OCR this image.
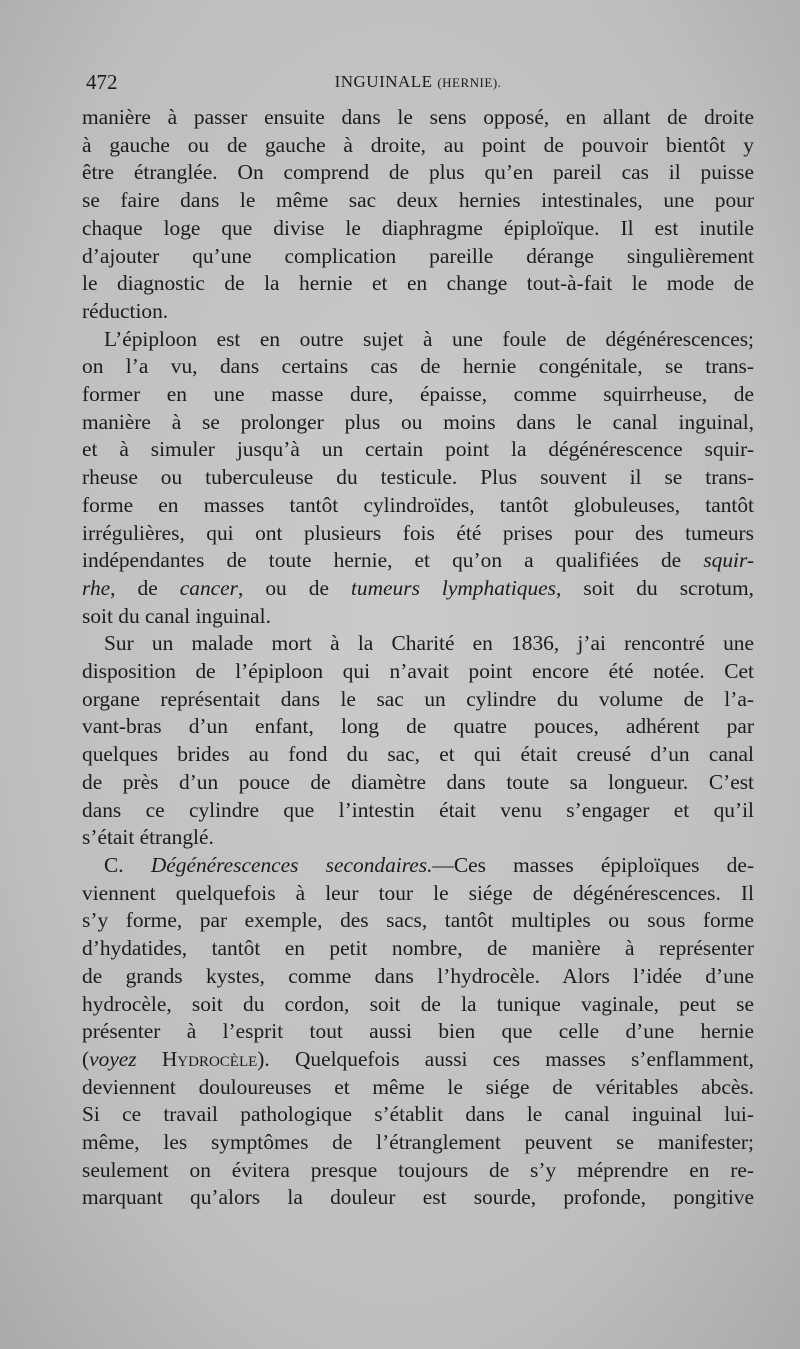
472	INGUINALE (HERNIE).
manière à passer ensuite dans le sens opposé, en allant de droite
à gauche ou de gauche à droite, au point de pouvoir bientôt y
être étranglée. On comprend de plus qu’en pareil cas il puisse
se faire dans le même sac deux hernies intestinales, une pour
chaque loge que divise le diaphragme épiploïque. Il est inutile
d’ajouter qu’une complication pareille dérange singulièrement
le diagnostic de la hernie et en change tout-à-fait le mode de
réduction.
L’épiploon est en outre sujet à une foule de dégénérescences;
on l’a vu, dans certains cas de hernie congénitale, se trans-
former en une masse dure, épaisse, comme squirrheuse, de
manière à se prolonger plus ou moins dans le canal inguinal,
et à simuler jusqu’à un certain point la dégénérescence squir-
rheuse ou tuberculeuse du testicule. Plus souvent il se trans-
forme en masses tantôt cylindroïdes, tantôt globuleuses, tantôt
irrégulières, qui ont plusieurs fois été prises pour des tumeurs
indépendantes de toute hernie, et qu’on a qualifiées de squir-
rhe, de cancer, ou de tumeurs lymphatiques, soit du scrotum,
soit du canal inguinal.
Sur un malade mort à la Charité en 1836, j’ai rencontré une
disposition de l’épiploon qui n’avait point encore été notée. Cet
organe représentait dans le sac un cylindre du volume de l’a-
vant-bras d’un enfant, long de quatre pouces, adhérent par
quelques brides au fond du sac, et qui était creusé d’un canal
de près d’un pouce de diamètre dans toute sa longueur. C’est
dans ce cylindre que l’intestin était venu s’engager et qu’il
s’était étranglé.
C. Dégénérescences secondaires.—Ces masses épiploïques de-
viennent quelquefois à leur tour le siége de dégénérescences. Il
s’y forme, par exemple, des sacs, tantôt multiples ou sous forme
d’hydatides, tantôt en petit nombre, de manière à représenter
de grands kystes, comme dans l’hydrocèle. Alors l’idée d’une
hydrocèle, soit du cordon, soit de la tunique vaginale, peut se
présenter à l’esprit tout aussi bien que celle d’une hernie
(voyez Hydrocèle). Quelquefois aussi ces masses s’enflamment,
deviennent douloureuses et même le siége de véritables abcès.
Si ce travail pathologique s’établit dans le canal inguinal lui-
même, les symptômes de l’étranglement peuvent se manifester;
seulement on évitera presque toujours de s’y méprendre en re-
marquant qu’alors la douleur est sourde, profonde, pongitive
